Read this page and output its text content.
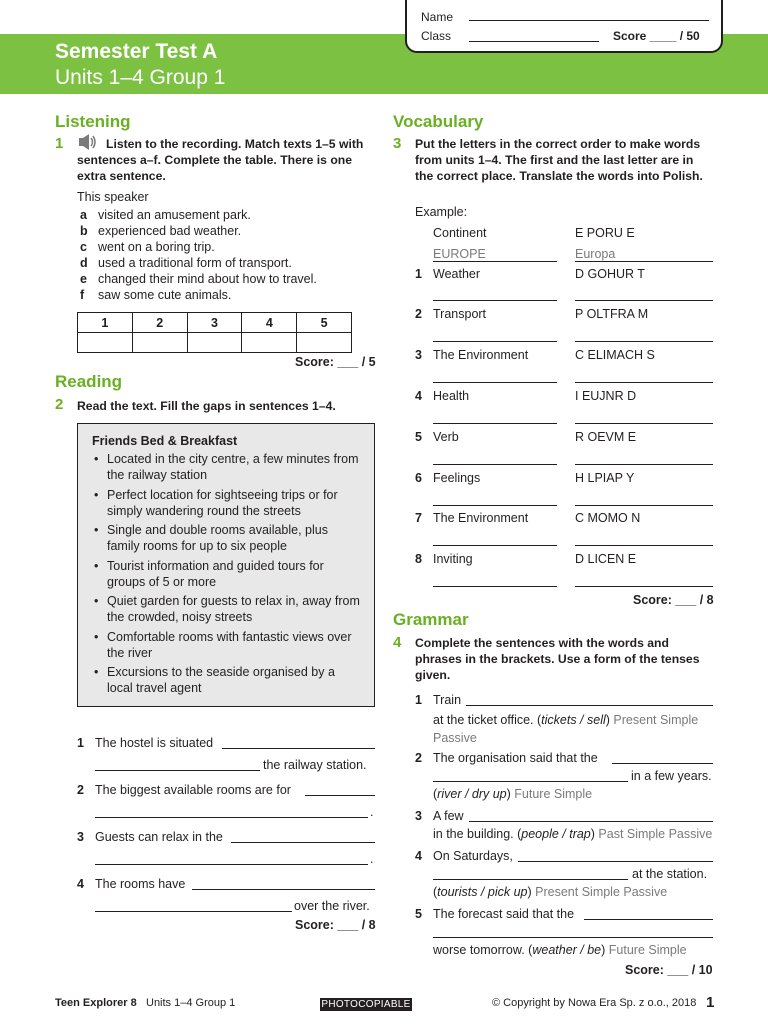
Name
Class	Score ____ / 50
Semester Test A
Units 1–4 Group 1
Listening
1	Listen to the recording. Match texts 1–5 with sentences a–f. Complete the table. There is one extra sentence.
This speaker
a visited an amusement park.
b experienced bad weather.
c went on a boring trip.
d used a traditional form of transport.
e changed their mind about how to travel.
f saw some cute animals.
1	2	3	4	5

Score: ___ / 5
Reading
2 Read the text. Fill the gaps in sentences 1–4.
Friends Bed & Breakfast
• Located in the city centre, a few minutes from the railway station
• Perfect location for sightseeing trips or for simply wandering round the streets
• Single and double rooms available, plus family rooms for up to six people
• Tourist information and guided tours for groups of 5 or more
• Quiet garden for guests to relax in, away from the crowded, noisy streets
• Comfortable rooms with fantastic views over the river
• Excursions to the seaside organised by a local travel agent
1 The hostel is situated
the railway station.
2 The biggest available rooms are for
.
3 Guests can relax in the
.
4 The rooms have
over the river.
Score: ___ / 8
Vocabulary
3 Put the letters in the correct order to make words from units 1–4. The first and the last letter are in the correct place. Translate the words into Polish.
Example:
Continent	E PORU E
EUROPE	Europa
1 Weather	D GOHUR T
2 Transport	P OLTFRA M
3 The Environment	C ELIMACH S
4 Health	I EUJNR D
5 Verb	R OEVM E
6 Feelings	H LPIAP Y
7 The Environment	C MOMO N
8 Inviting	D LICEN E
Score: ___ / 8
Grammar
4 Complete the sentences with the words and phrases in the brackets. Use a form of the tenses given.
1 Train
at the ticket office. (tickets / sell) Present Simple Passive
2 The organisation said that the
in a few years.
(river / dry up) Future Simple
3 A few
in the building. (people / trap) Past Simple Passive
4 On Saturdays,
at the station.
(tourists / pick up) Present Simple Passive
5 The forecast said that the
worse tomorrow. (weather / be) Future Simple
Score: ___ / 10
Teen Explorer 8 Units 1–4 Group 1	PHOTOCOPIABLE	© Copyright by Nowa Era Sp. z o.o., 2018 1
